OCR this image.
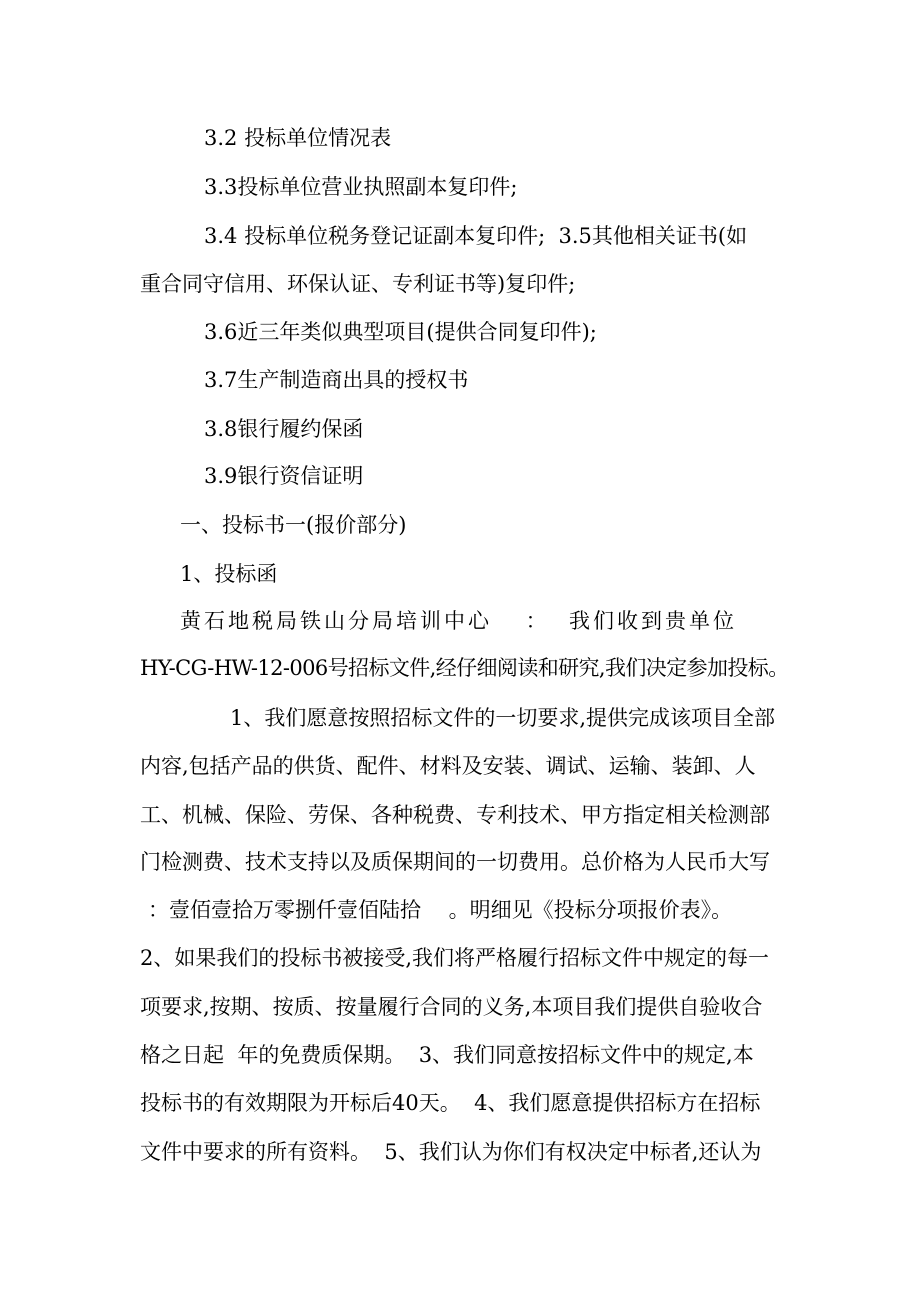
3.2 投标单位情况表
3.3投标单位营业执照副本复印件;
3.4 投标单位税务登记证副本复印件;  3.5其他相关证书(如
重合同守信用、环保认证、专利证书等)复印件;
3.6近三年类似典型项目(提供合同复印件);
3.7生产制造商出具的授权书
3.8银行履约保函
3.9银行资信证明
一、投标书一(报价部分)
1、投标函
黄石地税局铁山分局培训中心　 ：  我们收到贵单位
HY-CG-HW-12-006号招标文件,经仔细阅读和研究,我们决定参加投标。
1、我们愿意按照招标文件的一切要求,提供完成该项目全部
内容,包括产品的供货、配件、材料及安装、调试、运输、装卸、人
工、机械、保险、劳保、各种税费、专利技术、甲方指定相关检测部
门检测费、技术支持以及质保期间的一切费用。总价格为人民币大写
：壹佰壹拾万零捌仟壹佰陆拾　 。明细见《投标分项报价表》。
2、如果我们的投标书被接受,我们将严格履行招标文件中规定的每一
项要求,按期、按质、按量履行合同的义务,本项目我们提供自验收合
格之日起  年的免费质保期。  3、我们同意按招标文件中的规定,本
投标书的有效期限为开标后40天。  4、我们愿意提供招标方在招标
文件中要求的所有资料。  5、我们认为你们有权决定中标者,还认为
